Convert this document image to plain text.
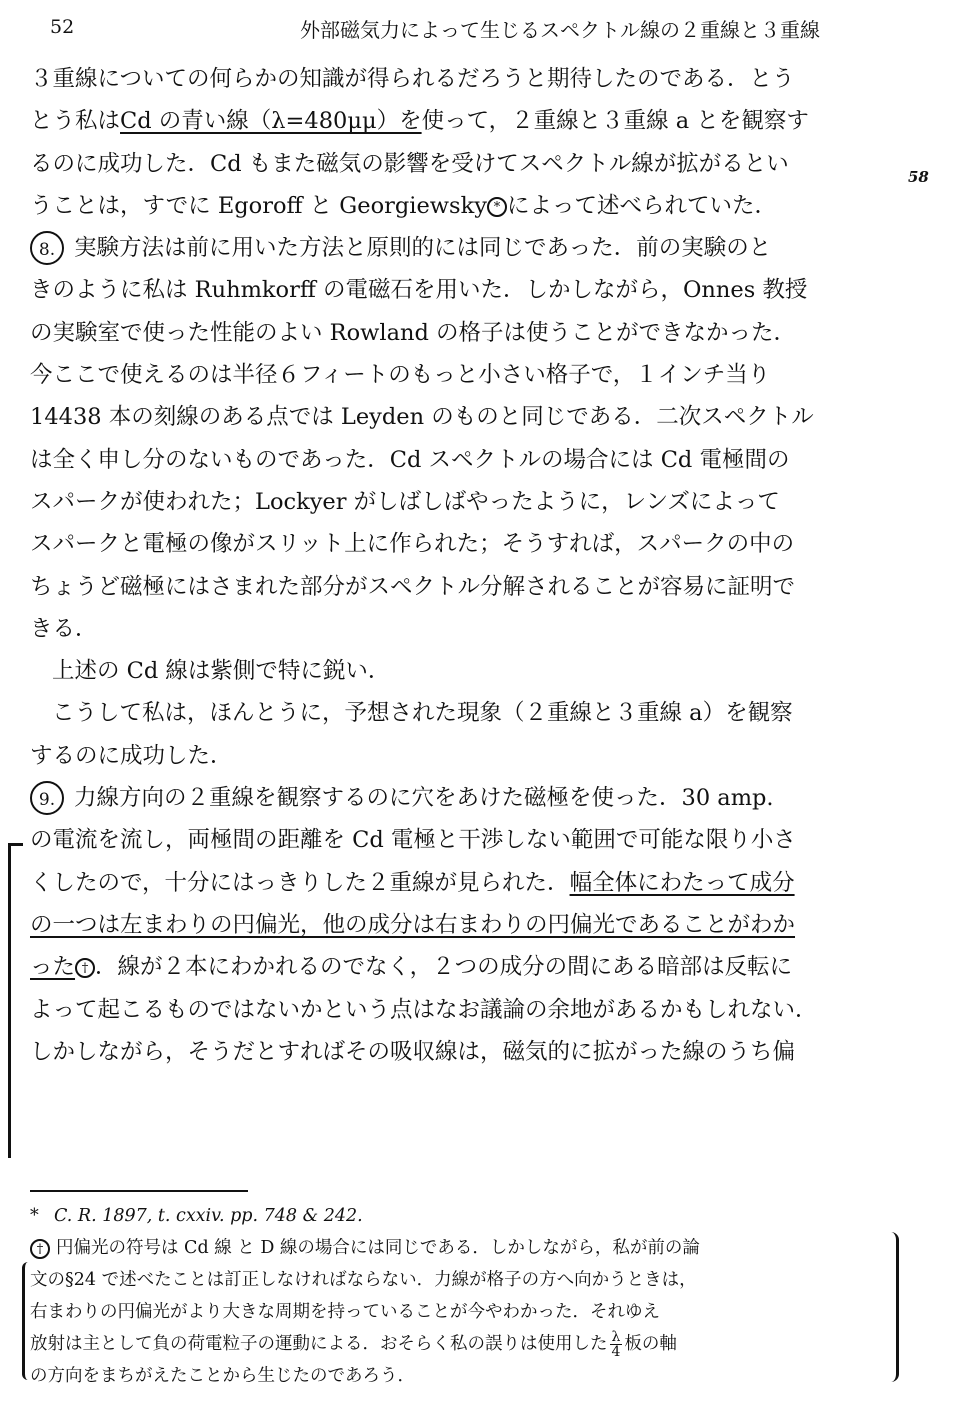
52	外部磁気力によって生じるスペクトル線の２重線と３重線
58
３重線についての何らかの知識が得られるだろうと期待したのである．とう
とう私はCd の青い線（λ=480μμ）を使って，２重線と３重線 a とを観察す
るのに成功した．Cd もまた磁気の影響を受けてスペクトル線が拡がるとい
うことは，すでに Egoroff と Georgiewsky * によって述べられていた．
8. 実験方法は前に用いた方法と原則的には同じであった．前の実験のと
きのように私は Ruhmkorff の電磁石を用いた．しかしながら，Onnes 教授
の実験室で使った性能のよい Rowland の格子は使うことができなかった．
今ここで使えるのは半径６フィートのもっと小さい格子で，１インチ当り
14438 本の刻線のある点では Leyden のものと同じである．二次スペクトル
は全く申し分のないものであった．Cd スペクトルの場合には Cd 電極間の
スパークが使われた；Lockyer がしばしばやったように，レンズによって
スパークと電極の像がスリット上に作られた；そうすれば，スパークの中の
ちょうど磁極にはさまれた部分がスペクトル分解されることが容易に証明で
きる．
上述の Cd 線は紫側で特に鋭い．
こうして私は，ほんとうに，予想された現象（２重線と３重線 a）を観察
するのに成功した．
9. 力線方向の２重線を観察するのに穴をあけた磁極を使った．30 amp.
の電流を流し，両極間の距離を Cd 電極と干渉しない範囲で可能な限り小さ
くしたので，十分にはっきりした２重線が見られた．幅全体にわたって成分
の一つは左まわりの円偏光，他の成分は右まわりの円偏光であることがわか
った † ．線が２本にわかれるのでなく，２つの成分の間にある暗部は反転に
よって起こるものではないかという点はなお議論の余地があるかもしれない．
しかしながら，そうだとすればその吸収線は，磁気的に拡がった線のうち偏
* C. R. 1897, t. cxxiv. pp. 748 & 242.
† 円偏光の符号は Cd 線 と D 線の場合には同じである．しかしながら，私が前の論
文の§24 で述べたことは訂正しなければならない．力線が格子の方へ向かうときは，
右まわりの円偏光がより大きな周期を持っていることが今やわかった．それゆえ
放射は主として負の荷電粒子の運動による．おそらく私の誤りは使用した $\frac{\lambda}{4}$ 板の軸
の方向をまちがえたことから生じたのであろう．
